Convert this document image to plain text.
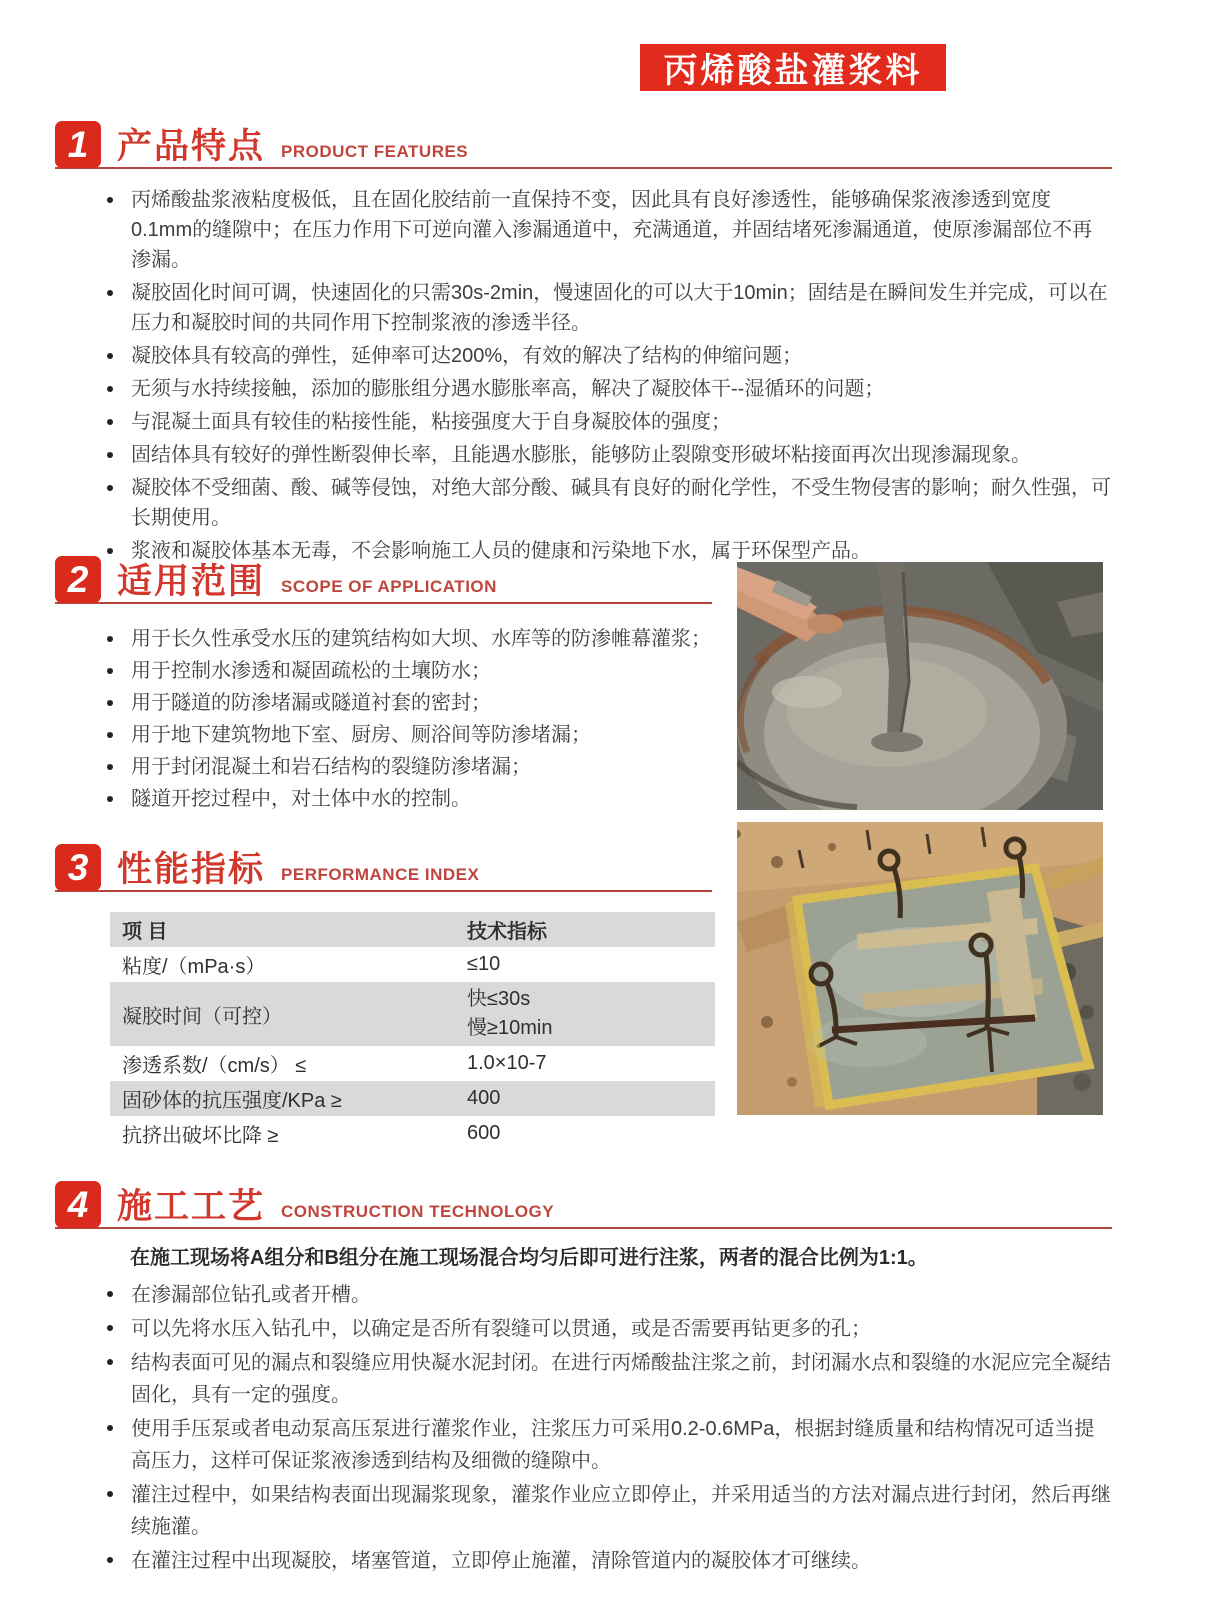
丙烯酸盐灌浆料
1 产品特点 PRODUCT FEATURES
丙烯酸盐浆液粘度极低，且在固化胶结前一直保持不变，因此具有良好渗透性，能够确保浆液渗透到宽度0.1mm的缝隙中；在压力作用下可逆向灌入渗漏通道中，充满通道，并固结堵死渗漏通道，使原渗漏部位不再渗漏。
凝胶固化时间可调，快速固化的只需30s-2min，慢速固化的可以大于10min；固结是在瞬间发生并完成，可以在压力和凝胶时间的共同作用下控制浆液的渗透半径。
凝胶体具有较高的弹性，延伸率可达200%，有效的解决了结构的伸缩问题；
无须与水持续接触，添加的膨胀组分遇水膨胀率高，解决了凝胶体干--湿循环的问题；
与混凝土面具有较佳的粘接性能，粘接强度大于自身凝胶体的强度；
固结体具有较好的弹性断裂伸长率，且能遇水膨胀，能够防止裂隙变形破坏粘接面再次出现渗漏现象。
凝胶体不受细菌、酸、碱等侵蚀，对绝大部分酸、碱具有良好的耐化学性，不受生物侵害的影响；耐久性强，可长期使用。
浆液和凝胶体基本无毒，不会影响施工人员的健康和污染地下水，属于环保型产品。
2 适用范围 SCOPE OF APPLICATION
用于长久性承受水压的建筑结构如大坝、水库等的防渗帷幕灌浆；
用于控制水渗透和凝固疏松的土壤防水；
用于隧道的防渗堵漏或隧道衬套的密封；
用于地下建筑物地下室、厨房、厕浴间等防渗堵漏；
用于封闭混凝土和岩石结构的裂缝防渗堵漏；
隧道开挖过程中，对土体中水的控制。
3 性能指标 PERFORMANCE INDEX
项 目	技术指标
粘度/（mPa·s）	≤10
凝胶时间（可控）	快≤30s
慢≥10min

渗透系数/（cm/s） ≤	1.0×10-7
固砂体的抗压强度/KPa ≥	400
抗挤出破坏比降 ≥	600
4 施工工艺 CONSTRUCTION TECHNOLOGY
在施工现场将A组分和B组分在施工现场混合均匀后即可进行注浆，两者的混合比例为1:1。
在渗漏部位钻孔或者开槽。
可以先将水压入钻孔中，以确定是否所有裂缝可以贯通，或是否需要再钻更多的孔；
结构表面可见的漏点和裂缝应用快凝水泥封闭。在进行丙烯酸盐注浆之前，封闭漏水点和裂缝的水泥应完全凝结固化，具有一定的强度。
使用手压泵或者电动泵高压泵进行灌浆作业，注浆压力可采用0.2-0.6MPa，根据封缝质量和结构情况可适当提高压力，这样可保证浆液渗透到结构及细微的缝隙中。
灌注过程中，如果结构表面出现漏浆现象，灌浆作业应立即停止，并采用适当的方法对漏点进行封闭，然后再继续施灌。
在灌注过程中出现凝胶，堵塞管道，立即停止施灌，清除管道内的凝胶体才可继续。
